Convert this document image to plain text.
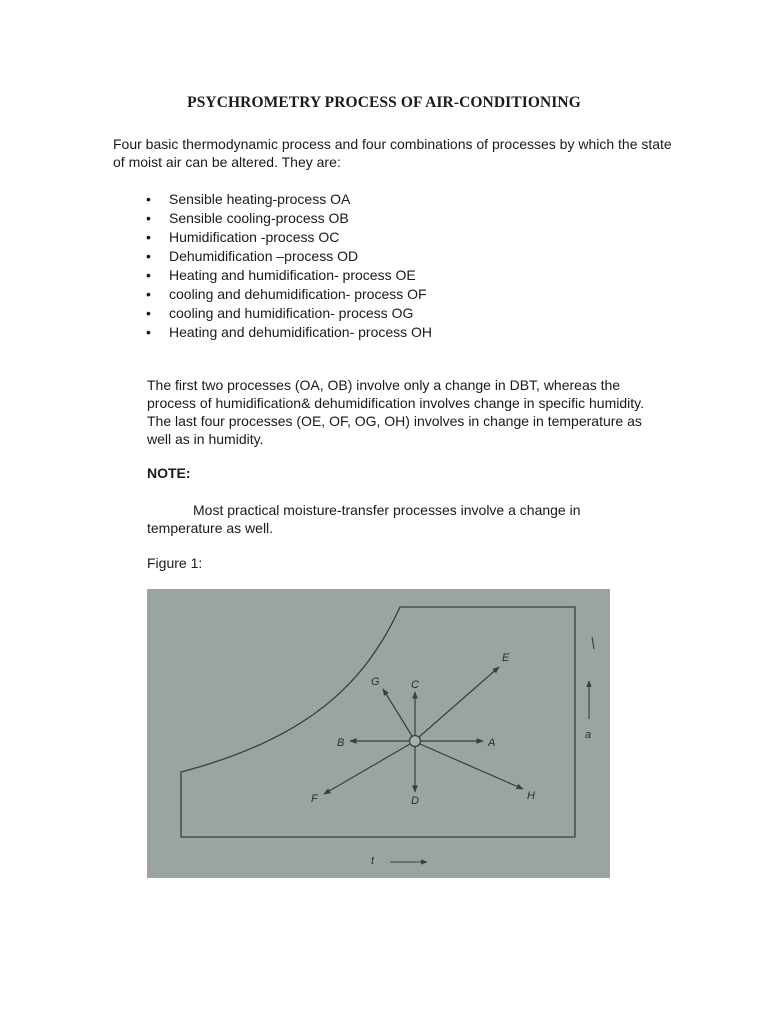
PSYCHROMETRY PROCESS OF AIR-CONDITIONING

Four basic thermodynamic process and four combinations of processes by which the state of moist air can be altered. They are:

• Sensible heating-process OA
• Sensible cooling-process OB
• Humidification -process OC
• Dehumidification –process OD
• Heating and humidification- process OE
• cooling and dehumidification- process OF
• cooling and humidification- process OG
• Heating and dehumidification- process OH

The first two processes (OA, OB) involve only a change in DBT, whereas the process of humidification& dehumidification involves change in specific humidity. The last four processes (OE, OF, OG, OH) involves in change in temperature as well as in humidity.

NOTE:

Most practical moisture-transfer processes involve a change in temperature as well.

Figure 1:

A
B
C
D
E
F
G
H
t
a
